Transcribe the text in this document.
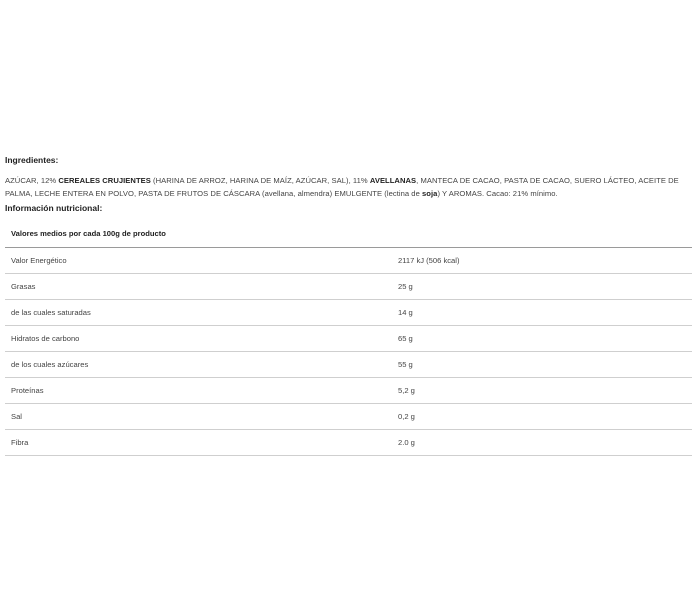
Ingredientes:

AZÚCAR, 12% CEREALES CRUJIENTES (HARINA DE ARROZ, HARINA DE MAÍZ, AZÚCAR, SAL), 11% AVELLANAS, MANTECA DE CACAO, PASTA DE CACAO, SUERO LÁCTEO, ACEITE DE PALMA, LECHE ENTERA EN POLVO, PASTA DE FRUTOS DE CÁSCARA (avellana, almendra) EMULGENTE (lectina de soja) Y AROMAS. Cacao: 21% mínimo.

Información nutricional:

Valores medios por cada 100g de producto	
Valor Energético	2117 kJ (506 kcal)
Grasas	25 g
de las cuales saturadas	14 g
Hidratos de carbono	65 g
de los cuales azúcares	55 g
Proteínas	5,2 g
Sal	0,2 g
Fibra	2.0 g
